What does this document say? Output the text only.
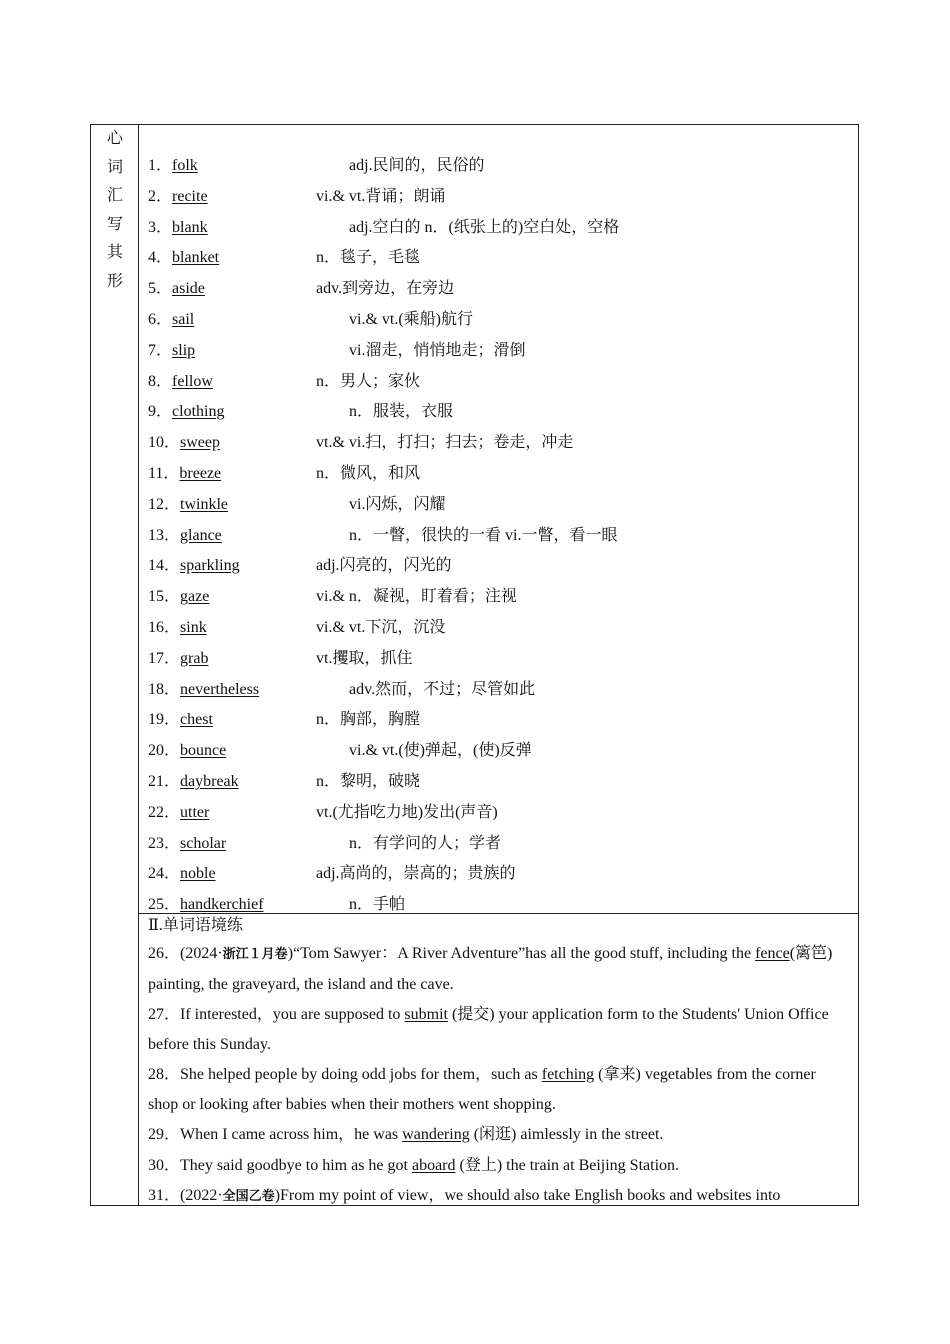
心
词
汇
写
其
形
1．folk	adj.民间的，民俗的
2．recite	vi.& vt.背诵；朗诵
3．blank	adj.空白的 n．(纸张上的)空白处，空格
4．blanket	n．毯子，毛毯
5．aside	adv.到旁边，在旁边
6．sail	vi.& vt.(乘船)航行
7．slip	vi.溜走，悄悄地走；滑倒
8．fellow	n．男人；家伙
9．clothing	n．服装，衣服
10．sweep	vt.& vi.扫，打扫；扫去；卷走，冲走
11．breeze	n．微风，和风
12．twinkle	vi.闪烁，闪耀
13．glance	n．一瞥，很快的一看 vi.一瞥，看一眼
14．sparkling	adj.闪亮的，闪光的
15．gaze	vi.& n．凝视，盯着看；注视
16．sink	vi.& vt.下沉，沉没
17．grab	vt.攫取，抓住
18．nevertheless	adv.然而，不过；尽管如此
19．chest	n．胸部，胸膛
20．bounce	vi.& vt.(使)弹起，(使)反弹
21．daybreak	n．黎明，破晓
22．utter	vt.(尤指吃力地)发出(声音)
23．scholar	n．有学问的人；学者
24．noble	adj.高尚的，崇高的；贵族的
25．handkerchief	n．手帕
Ⅱ.单词语境练
26．(2024·浙江１月卷)“Tom Sawyer：A River Adventure”has all the good stuff, including the fence(篱笆) painting, the graveyard, the island and the cave.
27．If interested，you are supposed to submit (提交) your application form to the Students' Union Office before this Sunday.
28．She helped people by doing odd jobs for them，such as fetching (拿来) vegetables from the corner shop or looking after babies when their mothers went shopping.
29．When I came across him，he was wandering (闲逛) aimlessly in the street.
30．They said goodbye to him as he got aboard (登上) the train at Beijing Station.
31．(2022·全国乙卷)From my point of view，we should also take English books and websites into
